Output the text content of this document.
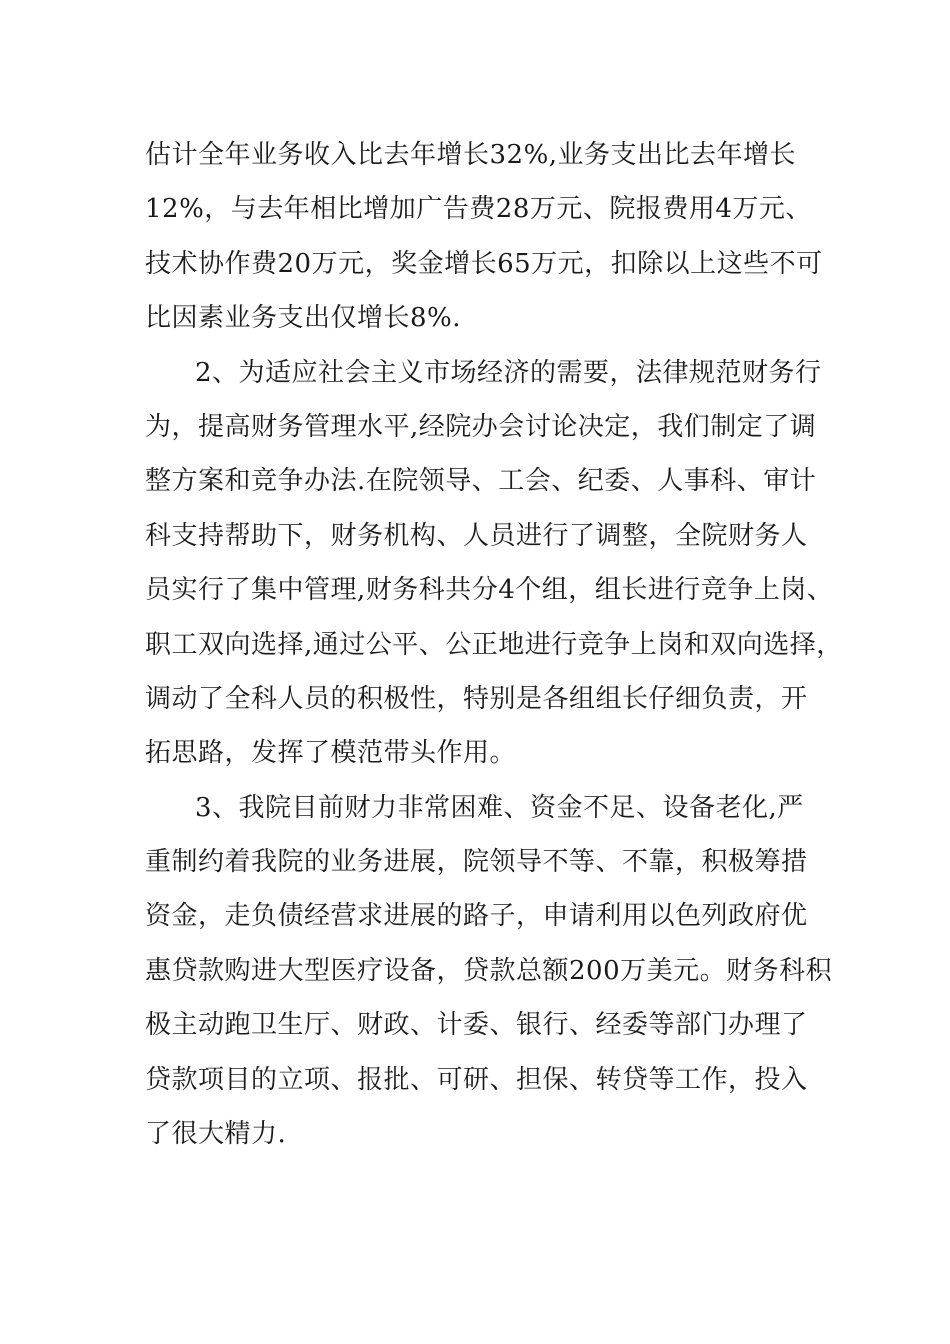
估计全年业务收入比去年增长32%,业务支出比去年增长
12%，与去年相比增加广告费28万元、院报费用4万元、
技术协作费20万元，奖金增长65万元，扣除以上这些不可
比因素业务支出仅增长8%.
2、为适应社会主义市场经济的需要，法律规范财务行
为，提高财务管理水平,经院办会讨论决定，我们制定了调
整方案和竞争办法.在院领导、工会、纪委、人事科、审计
科支持帮助下，财务机构、人员进行了调整，全院财务人
员实行了集中管理,财务科共分4个组，组长进行竞争上岗、
职工双向选择,通过公平、公正地进行竞争上岗和双向选择，
调动了全科人员的积极性，特别是各组组长仔细负责，开
拓思路，发挥了模范带头作用。
3、我院目前财力非常困难、资金不足、设备老化,严
重制约着我院的业务进展，院领导不等、不靠，积极筹措
资金，走负债经营求进展的路子，申请利用以色列政府优
惠贷款购进大型医疗设备，贷款总额200万美元。财务科积
极主动跑卫生厅、财政、计委、银行、经委等部门办理了
贷款项目的立项、报批、可研、担保、转贷等工作，投入
了很大精力.
